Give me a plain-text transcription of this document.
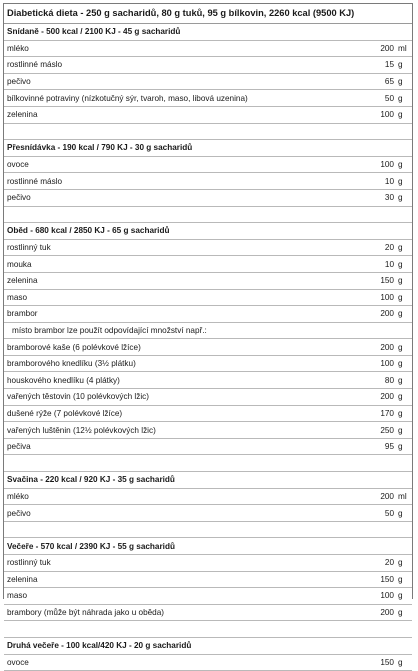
Diabetická dieta - 250 g sacharidů, 80 g tuků, 95 g bílkovin, 2260 kcal (9500 KJ)
Snídaně - 500 kcal / 2100 KJ - 45 g sacharidů
mléko	200 ml
rostlinné máslo	15 g
pečivo	65 g
bílkovinné potraviny (nízkotučný sýr, tvaroh, maso, libová uzenina)	50 g
zelenina	100 g
Přesnídávka - 190 kcal / 790 KJ - 30 g sacharidů
ovoce	100 g
rostlinné máslo	10 g
pečivo	30 g
Oběd - 680 kcal / 2850 KJ - 65 g sacharidů
rostlinný tuk	20 g
mouka	10 g
zelenina	150 g
maso	100 g
brambor	200 g
místo brambor lze použít odpovídající množství např.:
bramborové kaše (6 polévkové lžíce)	200 g
bramborového knedlíku (3½ plátku)	100 g
houskového knedlíku (4 plátky)	80 g
vařených těstovin (10 polévkových lžic)	200 g
dušené rýže (7 polévkové lžíce)	170 g
vařených luštěnin (12½ polévkových lžic)	250 g
pečiva	95 g
Svačina - 220 kcal / 920 KJ - 35 g sacharidů
mléko	200 ml
pečivo	50 g
Večeře - 570 kcal / 2390 KJ - 55 g sacharidů
rostlinný tuk	20 g
zelenina	150 g
maso	100 g
brambory (může být náhrada jako u oběda)	200 g
Druhá večeře - 100 kcal/420 KJ - 20 g sacharidů
ovoce	150 g
